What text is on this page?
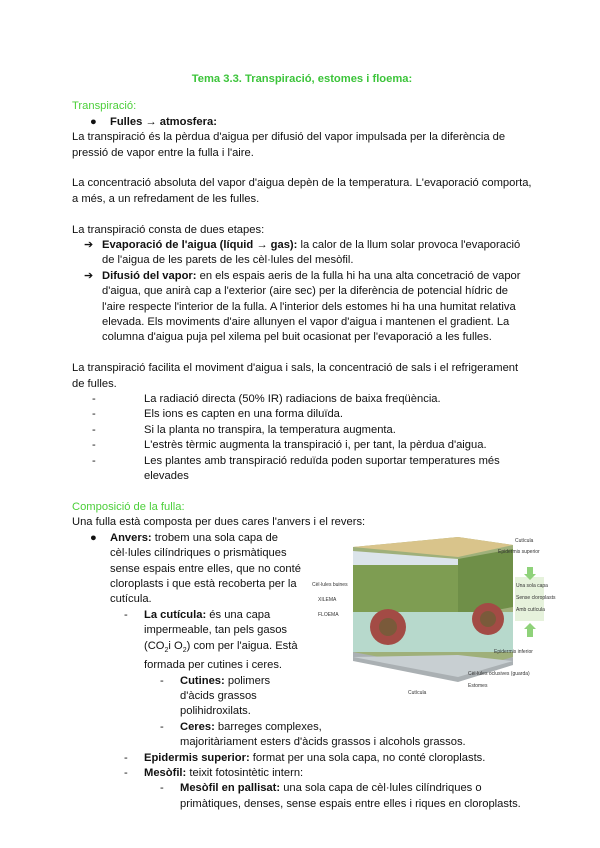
Tema 3.3. Transpiració, estomes i floema:
Transpiració:
● Fulles → atmosfera:
La transpiració és la pèrdua d'aigua per difusió del vapor impulsada per la diferència de pressió de vapor entre la fulla i l'aire.
La concentració absoluta del vapor d'aigua depèn de la temperatura. L'evaporació comporta, a més, a un refredament de les fulles.
La transpiració consta de dues etapes:
➔ Evaporació de l'aigua (líquid → gas): la calor de la llum solar provoca l'evaporació de l'aigua de les parets de les cèl·lules del mesòfil.
➔ Difusió del vapor: en els espais aeris de la fulla hi ha una alta concetració de vapor d'aigua, que anirà cap a l'exterior (aire sec) per la diferència de potencial hídric de l'aire respecte l'interior de la fulla. A l'interior dels estomes hi ha una humitat relativa elevada. Els moviments d'aire allunyen el vapor d'aigua i mantenen el gradient. La columna d'aigua puja pel xilema pel buit ocasionat per l'evaporació a les fulles.
La transpiració facilita el moviment d'aigua i sals, la concentració de sals i el refrigerament de fulles.
-	La radiació directa (50% IR) radiacions de baixa freqüència.
-	Els ions es capten en una forma diluïda.
-	Si la planta no transpira, la temperatura augmenta.
-	L'estrès tèrmic augmenta la transpiració i, per tant, la pèrdua d'aigua.
-	Les plantes amb transpiració reduïda poden suportar temperatures més elevades
Composició de la fulla:
Una fulla està composta per dues cares l'anvers i el revers:
Cutícula
Epidermis superior
Epidermis inferior
Cèl·lules oclusives (guarda)
Estomes
Cutícula
XILEMA
FLOEMA
Cèl·lules buines	Una sola capa
Sense cloroplasts
Amb cutícula
● Anvers: trobem una sola capa de cèl·lules cilíndriques o prismàtiques sense espais entre elles, que no conté cloroplasts i que està recoberta per la cutícula.
- La cutícula: és una capa impermeable, tan pels gasos ($CO_2i$ $O_2$) com per l'aigua. Està formada per cutines i ceres.
- Cutines: polimers d'àcids grassos polihidroxilats.
- Ceres: barreges complexes,
majoritàriament esters d'àcids grassos i alcohols grassos.
- Epidermis superior: format per una sola capa, no conté cloroplasts.
- Mesòfil: teixit fotosintètic intern:
- Mesòfil en pallisat: una sola capa de cèl·lules cilíndriques o primàtiques, denses, sense espais entre elles i riques en cloroplasts.
